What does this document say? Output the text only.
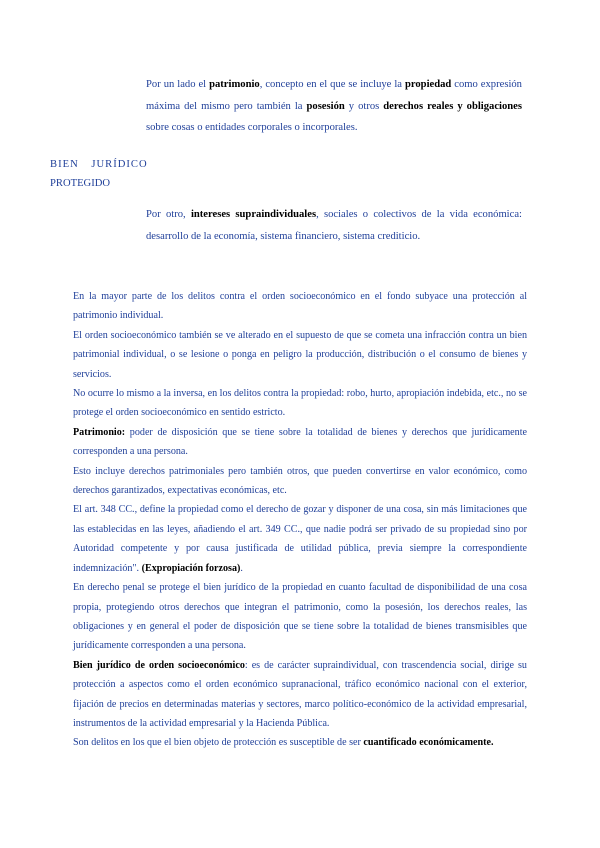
Por un lado el patrimonio, concepto en el que se incluye la propiedad como expresión máxima del mismo pero también la posesión y otros derechos reales y obligaciones sobre cosas o entidades corporales o incorporales.
BIEN JURÍDICO
PROTEGIDO
Por otro, intereses supraindividuales, sociales o colectivos de la vida económica: desarrollo de la economía, sistema financiero, sistema crediticio.

En la mayor parte de los delitos contra el orden socioeconómico en el fondo subyace una protección al patrimonio individual.

El orden socioeconómico también se ve alterado en el supuesto de que se cometa una infracción contra un bien patrimonial individual, o se lesione o ponga en peligro la producción, distribución o el consumo de bienes y servicios.

No ocurre lo mismo a la inversa, en los delitos contra la propiedad: robo, hurto, apropiación indebida, etc., no se protege el orden socioeconómico en sentido estricto.

Patrimonio: poder de disposición que se tiene sobre la totalidad de bienes y derechos que jurídicamente corresponden a una persona.

Esto incluye derechos patrimoniales pero también otros, que pueden convertirse en valor económico, como derechos garantizados, expectativas económicas, etc.

El art. 348 CC., define la propiedad como el derecho de gozar y disponer de una cosa, sin más limitaciones que las establecidas en las leyes, añadiendo el art. 349 CC., que nadie podrá ser privado de su propiedad sino por Autoridad competente y por causa justificada de utilidad pública, previa siempre la correspondiente indemnización". (Expropiación forzosa).

En derecho penal se protege el bien jurídico de la propiedad en cuanto facultad de disponibilidad de una cosa propia, protegiendo otros derechos que integran el patrimonio, como la posesión, los derechos reales, las obligaciones y en general el poder de disposición que se tiene sobre la totalidad de bienes transmisibles que jurídicamente corresponden a una persona.

Bien jurídico de orden socioeconómico: es de carácter supraindividual, con trascendencia social, dirige su protección a aspectos como el orden económico supranacional, tráfico económico nacional con el exterior, fijación de precios en determinadas materias y sectores, marco político-económico de la actividad empresarial, instrumentos de la actividad empresarial y la Hacienda Pública.

Son delitos en los que el bien objeto de protección es susceptible de ser cuantificado económicamente.
